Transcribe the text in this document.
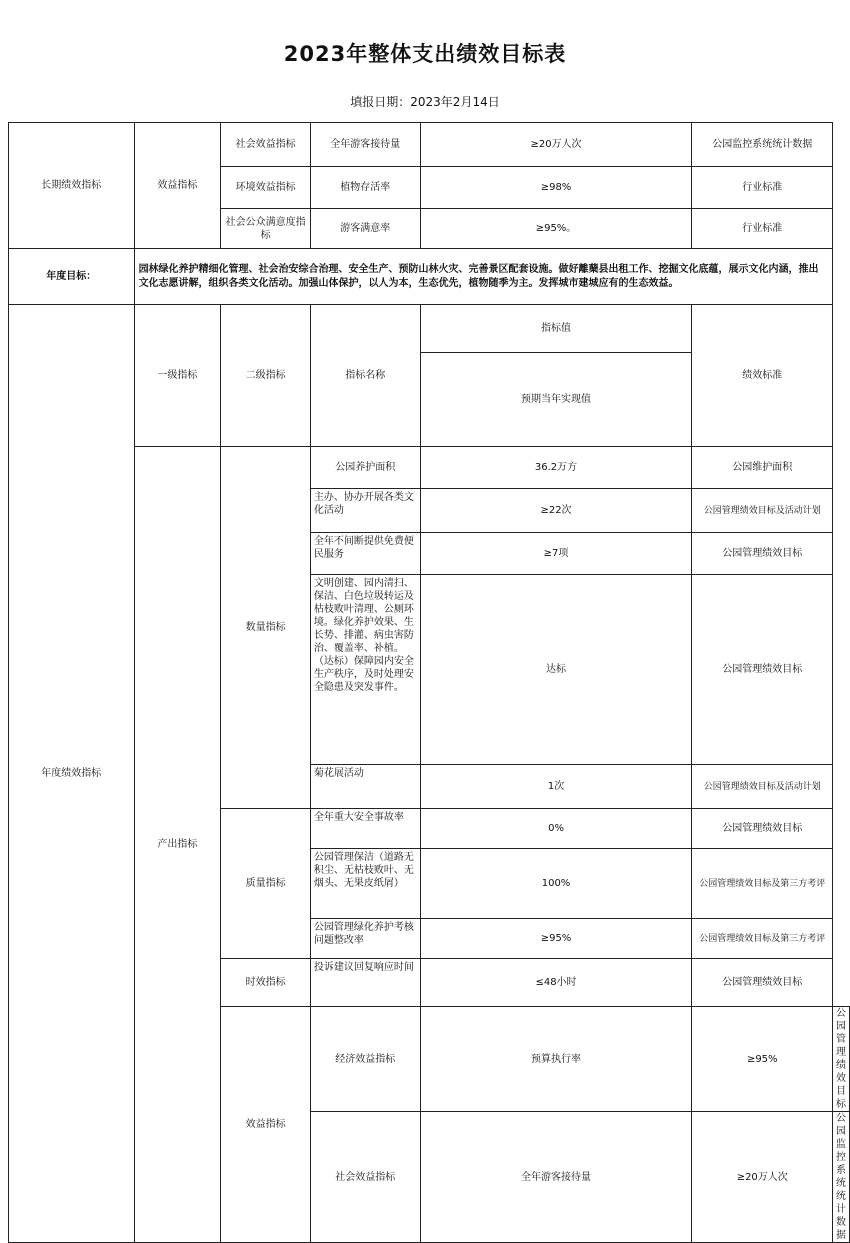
2023年整体支出绩效目标表
填报日期：2023年2月14日
长期绩效指标	效益指标	社会效益指标	全年游客接待量	≥20万人次	公园监控系统统计数据	
		环境效益指标	植物存活率	≥98%	行业标准	
		社会公众满意度指标	游客满意率	≥95%。	行业标准	
年度目标：	园林绿化养护精细化管理、社会治安综合治理、安全生产、预防山林火灾、完善景区配套设施。做好離蘖县出租工作、挖掘文化底蕴，展示文化内涵，推出文化志愿讲解，组织各类文化活动。加强山体保护，以人为本，生态优先，植物随季为主。发挥城市建城应有的生态效益。					
年度绩效指标	一级指标	二级指标	指标名称	指标值	绩效标准	
				预期当年实现值		
	产出指标	数量指标	公园养护面积	36.2万方	公园维护面积	
			主办、协办开展各类文化活动	≥22次	公园管理绩效目标及活动计划	
			全年不间断提供免费便民服务	≥7项	公园管理绩效目标	
			文明创建、园内清扫、保洁、白色垃圾转运及枯枝败叶清理、公厕环境。绿化养护效果、生长势、排灌、病虫害防治、覆盖率、补植。（达标）保障园内安全生产秩序，及时处理安全隐患及突发事件。	达标	公园管理绩效目标	
			菊花展活动	1次	公园管理绩效目标及活动计划	
		质量指标	全年重大安全事故率	0%	公园管理绩效目标	
			公园管理保洁（道路无积尘、无枯枝败叶、无烟头、无果皮纸屑）	100%	公园管理绩效目标及第三方考评	
			公园管理绿化养护考核问题整改率	≥95%	公园管理绩效目标及第三方考评	
		时效指标	投诉建议回复响应时间	≤48小时	公园管理绩效目标	
		效益指标	经济效益指标	预算执行率	≥95%	公园管理绩效目标
			社会效益指标	全年游客接待量	≥20万人次	公园监控系统统计数据
